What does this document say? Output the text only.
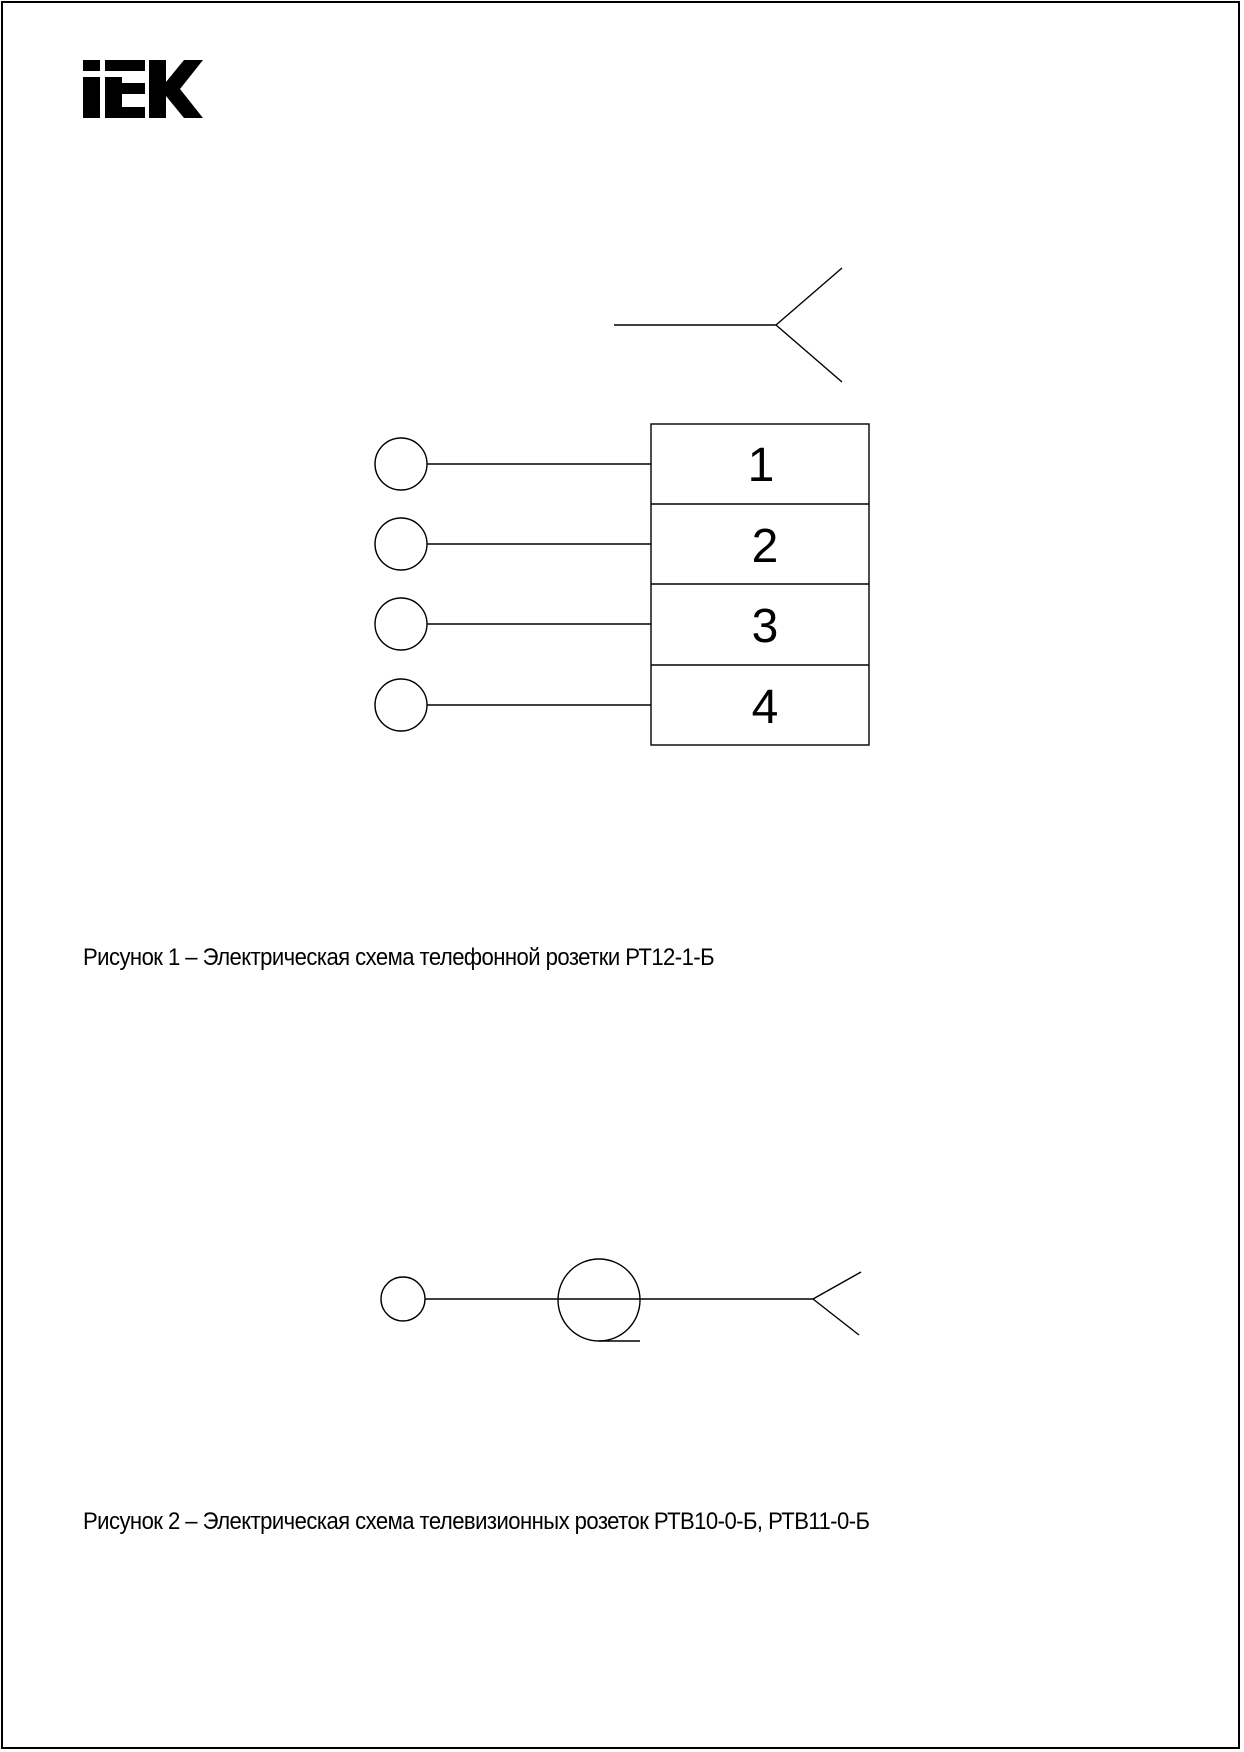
1
2
3
4

Рисунок 1 – Электрическая схема телефонной розетки РТ12-1-Б

Рисунок 2 – Электрическая схема телевизионных розеток РТВ10-0-Б, РТВ11-0-Б
